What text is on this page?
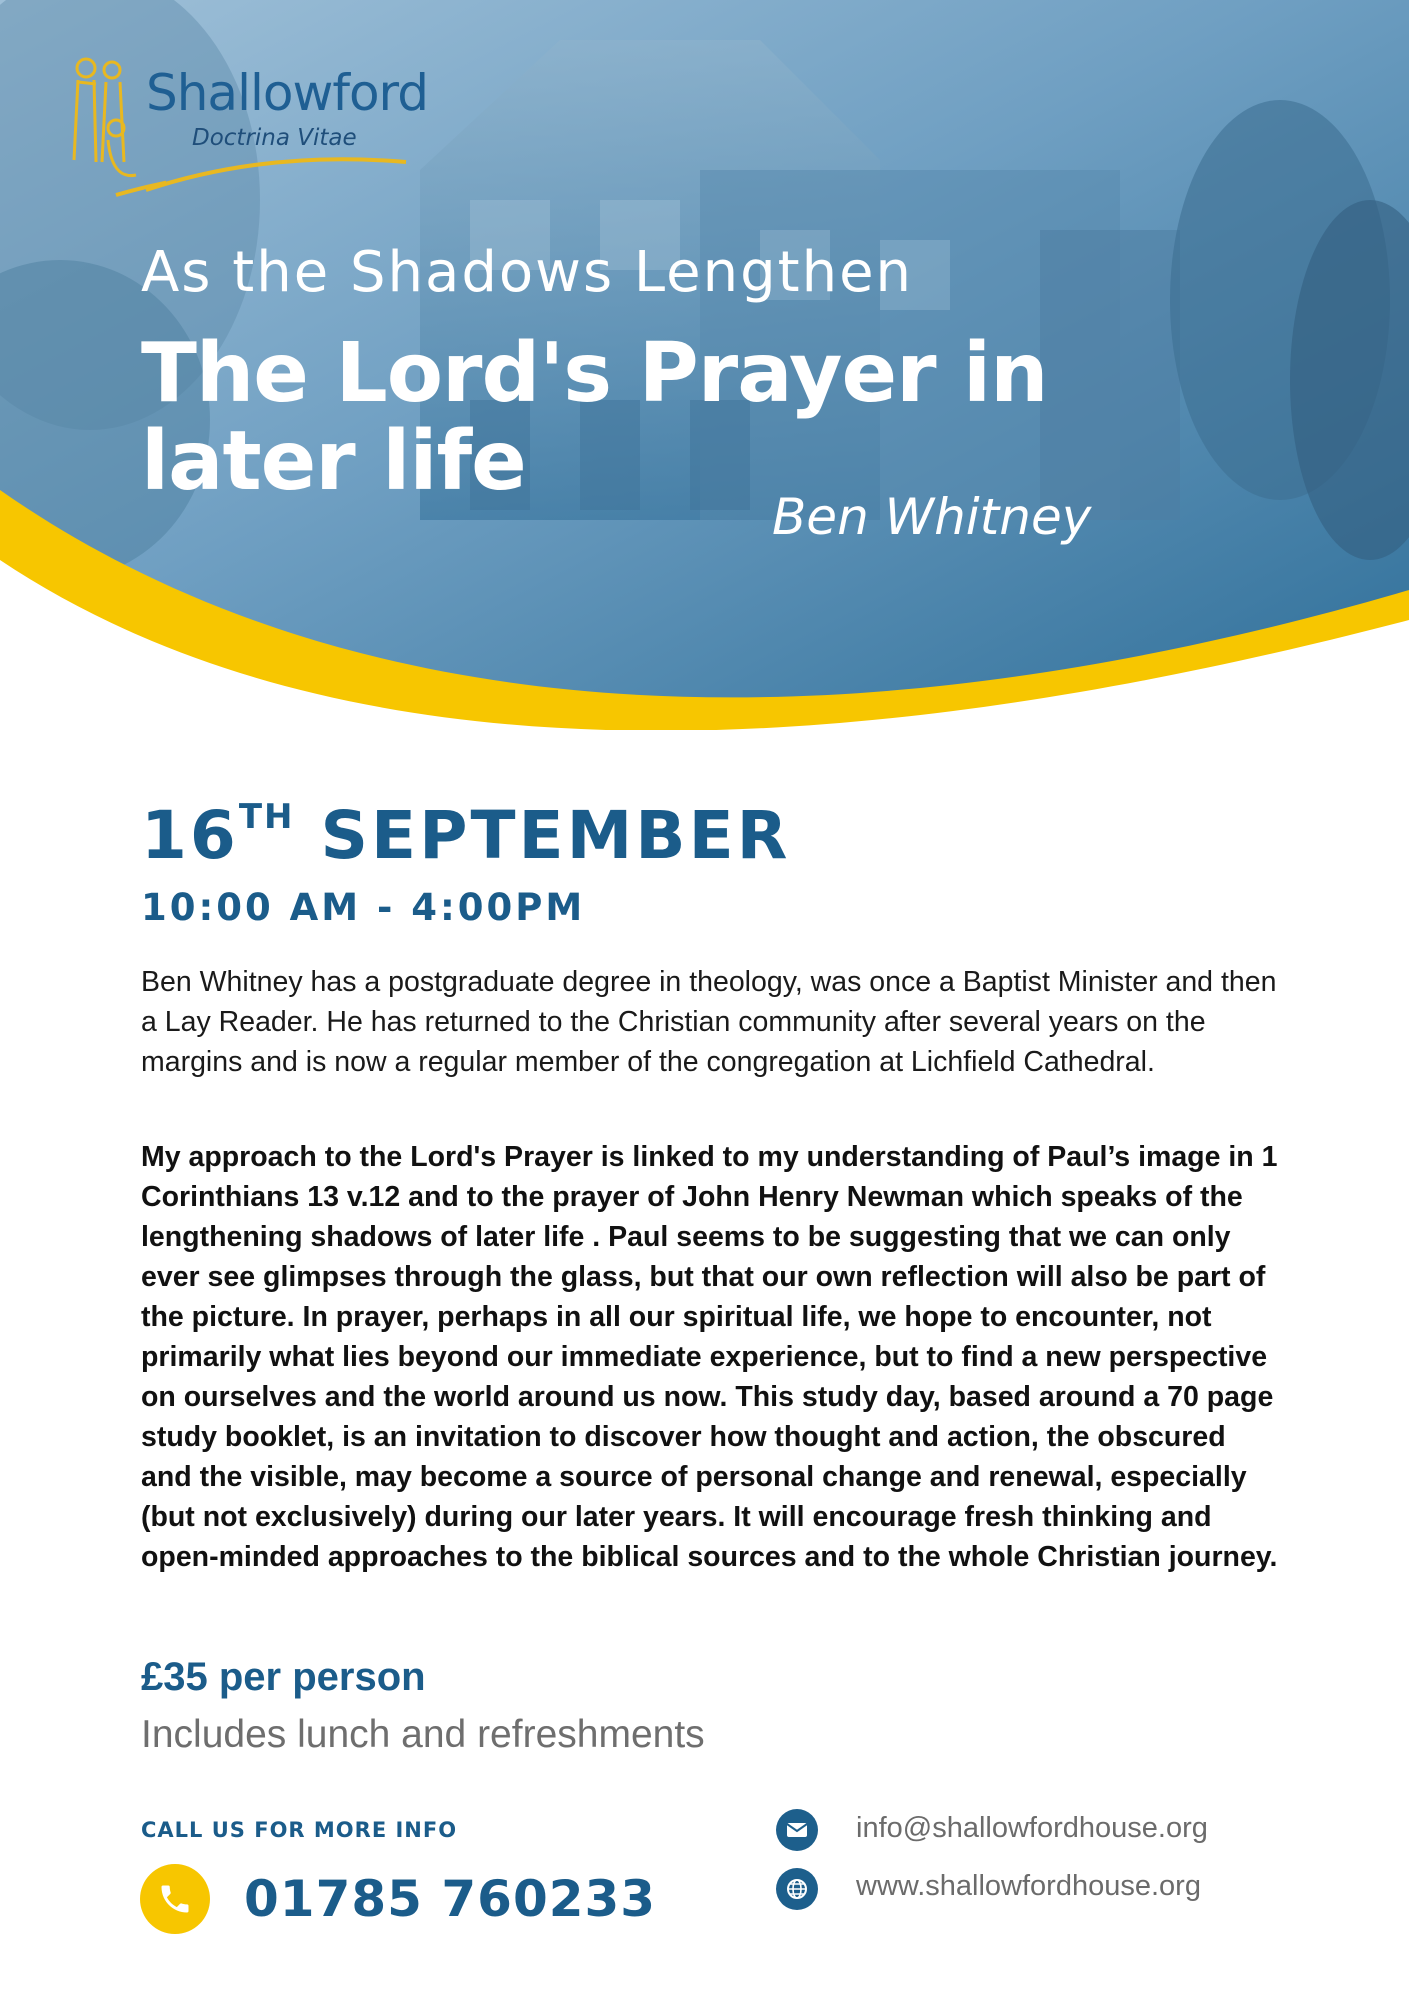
Shallowford
Doctrina Vitae
As the Shadows Lengthen
The Lord's Prayer in later life
Ben Whitney
16TH SEPTEMBER
10:00 AM - 4:00PM

Ben Whitney has a postgraduate degree in theology, was once a Baptist Minister and then a Lay Reader. He has returned to the Christian community after several years on the margins and is now a regular member of the congregation at Lichfield Cathedral.

My approach to the Lord's Prayer is linked to my understanding of Paul’s image in 1 Corinthians 13 v.12 and to the prayer of John Henry Newman which speaks of the lengthening shadows of later life . Paul seems to be suggesting that we can only ever see glimpses through the glass, but that our own reflection will also be part of the picture. In prayer, perhaps in all our spiritual life, we hope to encounter, not primarily what lies beyond our immediate experience, but to find a new perspective on ourselves and the world around us now. This study day, based around a 70 page study booklet, is an invitation to discover how thought and action, the obscured and the visible, may become a source of personal change and renewal, especially (but not exclusively) during our later years. It will encourage fresh thinking and open-minded approaches to the biblical sources and to the whole Christian journey.

£35 per person
Includes lunch and refreshments
CALL US FOR MORE INFO
01785 760233
info@shallowfordhouse.org
www.shallowfordhouse.org
